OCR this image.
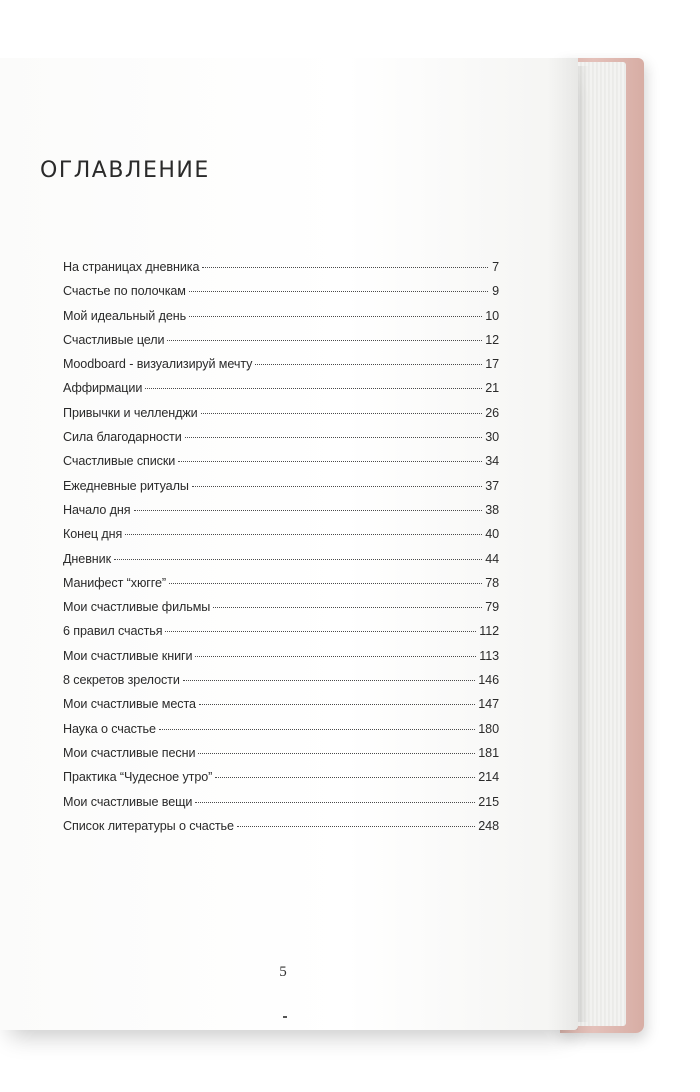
ОГЛАВЛЕНИЕ
На страницах дневника	7
Счастье по полочкам	9
Мой идеальный день	10
Счастливые цели	12
Moodboard - визуализируй мечту	17
Аффирмации	21
Привычки и челленджи	26
Сила благодарности	30
Счастливые списки	34
Ежедневные ритуалы	37
Начало дня	38
Конец дня	40
Дневник	44
Манифест “хюгге”	78
Мои счастливые фильмы	79
6 правил счастья	112
Мои счастливые книги	113
8 секретов зрелости	146
Мои счастливые места	147
Наука о счастье	180
Мои счастливые песни	181
Практика “Чудесное утро”	214
Мои счастливые вещи	215
Список литературы о счастье	248
5
